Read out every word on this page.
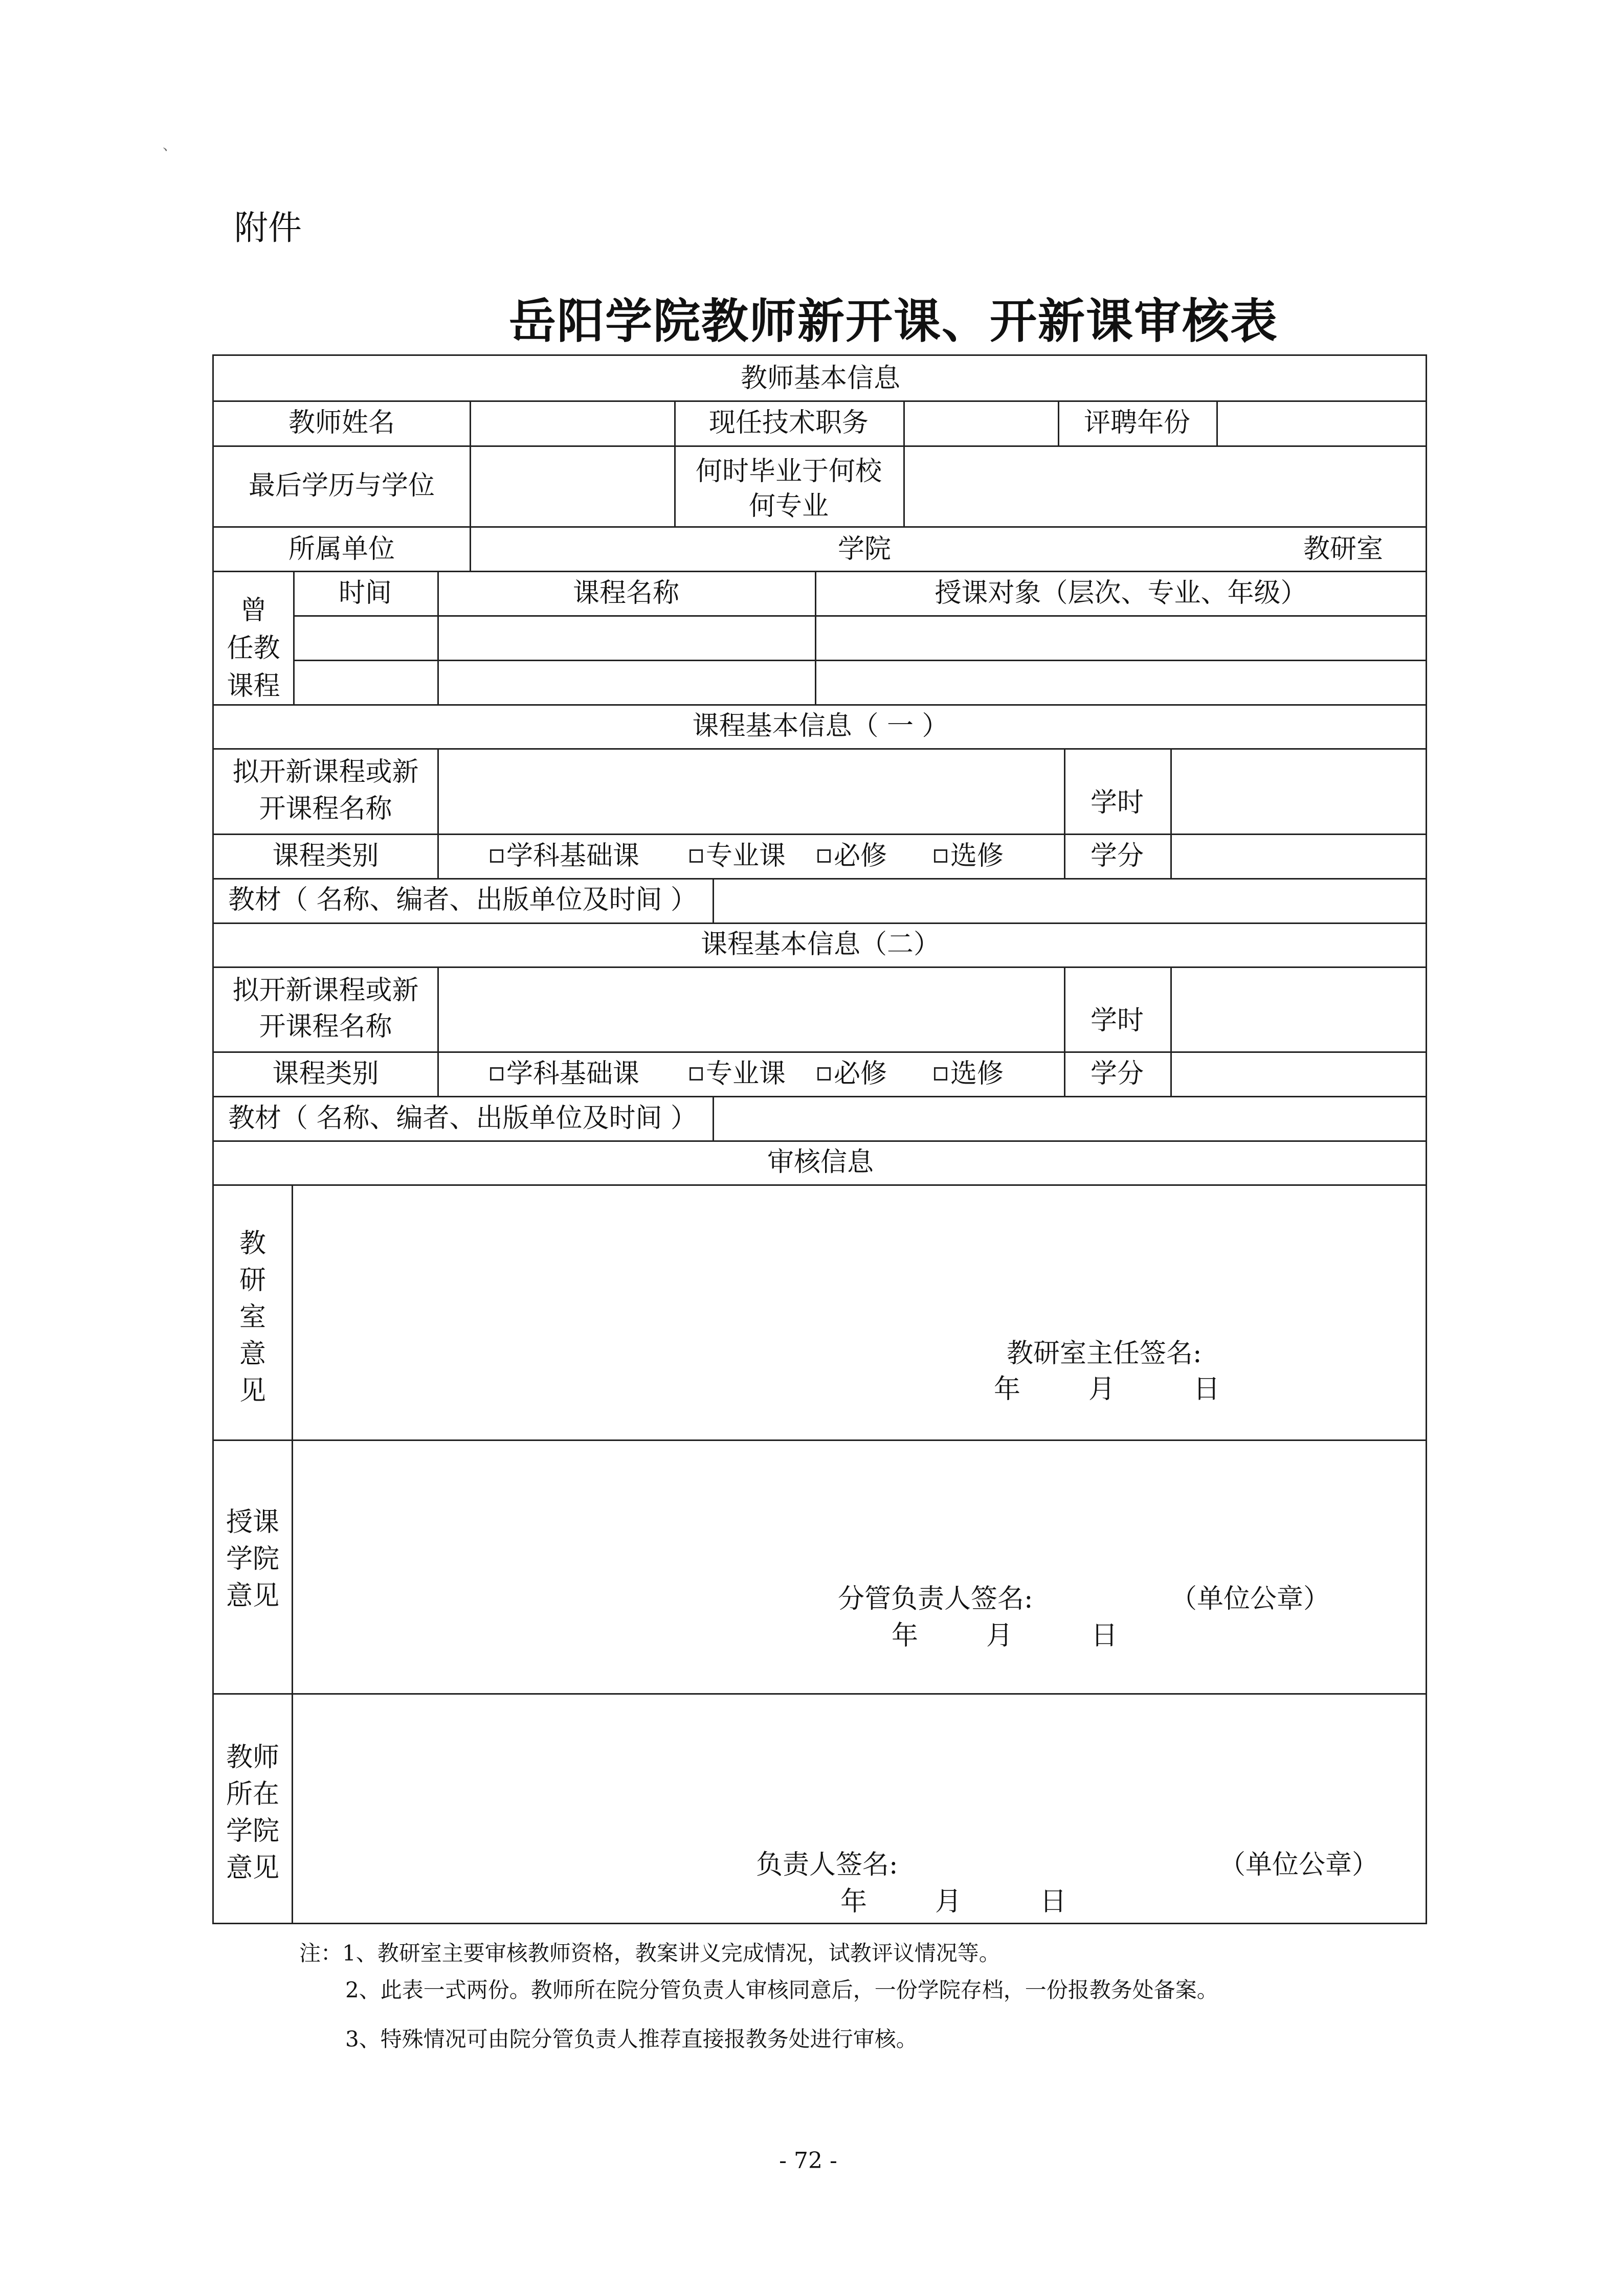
、
附件
岳阳学院教师新开课、开新课审核表
教师基本信息
教师姓名	现任技术职务	评聘年份
最后学历与学位	何时毕业于何校
何专业
所属单位	学院	教研室
曾
任教
课程
时间	课程名称	授课对象（层次、专业、年级）
课程基本信息（ 一 ）
拟开新课程或新
开课程名称	学时
课程类别	学科基础课	专业课	必修	选修	学分
教材（ 名称、编者、出版单位及时间 ）
课程基本信息（二）
拟开新课程或新
开课程名称	学时
课程类别	学科基础课	专业课	必修	选修	学分
教材（ 名称、编者、出版单位及时间 ）
审核信息
教
研
室
意
见
教研室主任签名:
年	月	日
授课
学院
意见	分管负责人签名:	（单位公章）
年	月	日
教师
所在
学院
意见	负责人签名:	（单位公章）
年	月	日
注：1、教研室主要审核教师资格，教案讲义完成情况，试教评议情况等。
2、此表一式两份。教师所在院分管负责人审核同意后，一份学院存档，一份报教务处备案。
3、特殊情况可由院分管负责人推荐直接报教务处进行审核。
- 72 -
